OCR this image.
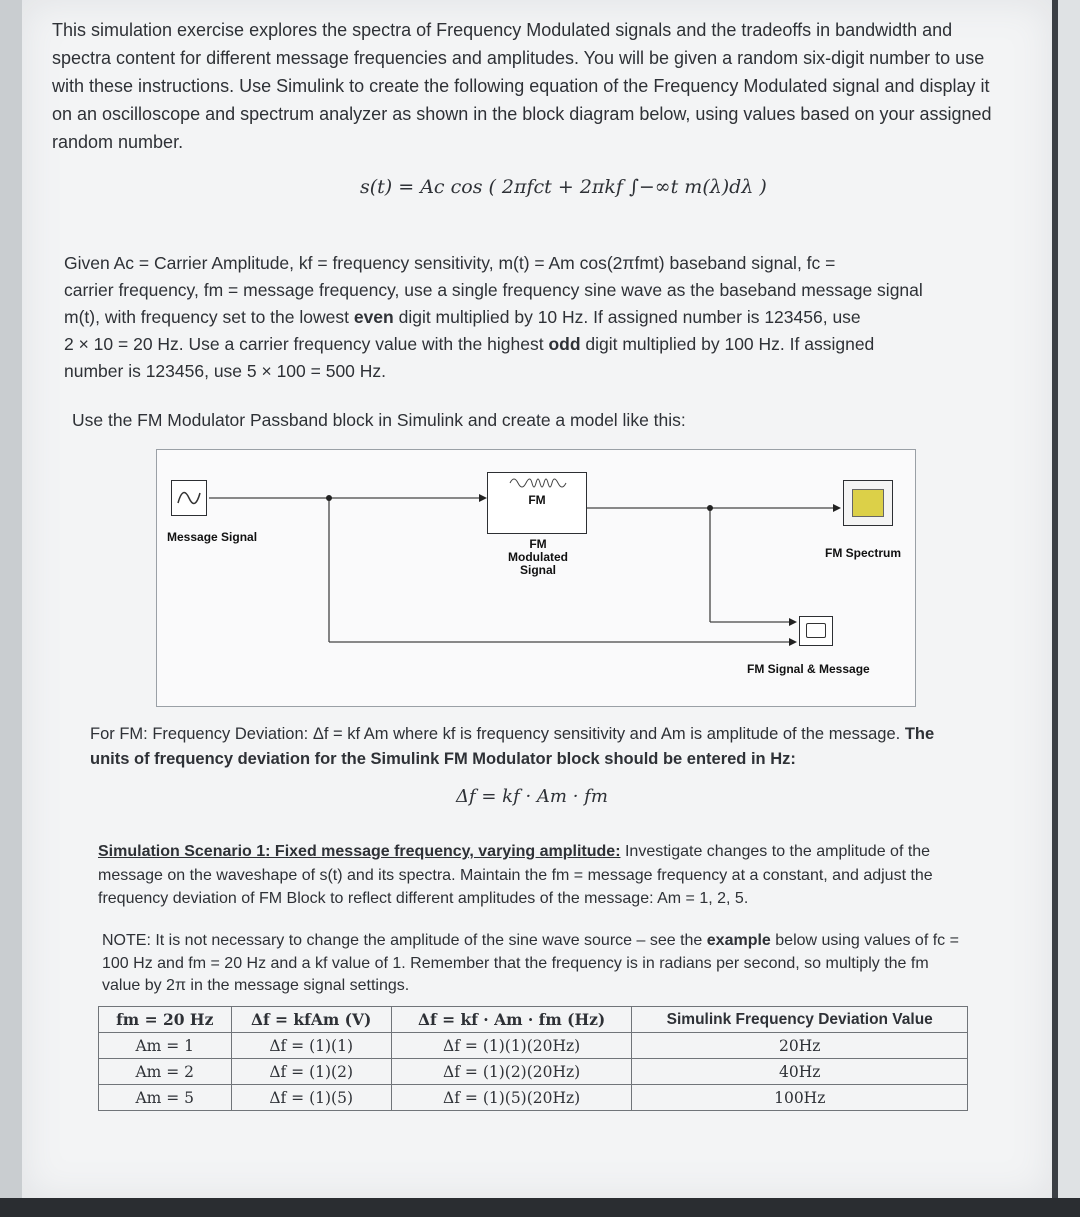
This simulation exercise explores the spectra of Frequency Modulated signals and the tradeoffs in bandwidth and spectra content for different message frequencies and amplitudes. You will be given a random six-digit number to use with these instructions. Use Simulink to create the following equation of the Frequency Modulated signal and display it on an oscilloscope and spectrum analyzer as shown in the block diagram below, using values based on your assigned random number.
s(t) = Ac cos ( 2πfct + 2πkf ∫−∞t m(λ)dλ )
Given Ac = Carrier Amplitude, kf = frequency sensitivity, m(t) = Am cos(2πfmt) baseband signal, fc =
carrier frequency, fm = message frequency, use a single frequency sine wave as the baseband message signal
m(t), with frequency set to the lowest even digit multiplied by 10 Hz. If assigned number is 123456, use
2 × 10 = 20 Hz. Use a carrier frequency value with the highest odd digit multiplied by 100 Hz. If assigned
number is 123456, use 5 × 100 = 500 Hz.
Use the FM Modulator Passband block in Simulink and create a model like this:
Message Signal
FM
FM
Modulated
Signal
FM Spectrum
FM Signal & Message
For FM: Frequency Deviation: Δf = kf Am where kf is frequency sensitivity and Am is amplitude of the message. The units of frequency deviation for the Simulink FM Modulator block should be entered in Hz:
Δf = kf · Am · fm
Simulation Scenario 1: Fixed message frequency, varying amplitude: Investigate changes to the amplitude of the message on the waveshape of s(t) and its spectra. Maintain the fm = message frequency at a constant, and adjust the frequency deviation of FM Block to reflect different amplitudes of the message: Am = 1, 2, 5.
NOTE: It is not necessary to change the amplitude of the sine wave source – see the example below using values of fc = 100 Hz and fm = 20 Hz and a kf value of 1. Remember that the frequency is in radians per second, so multiply the fm value by 2π in the message signal settings.
fm = 20 Hz	Δf = kfAm (V)	Δf = kf · Am · fm (Hz)	Simulink Frequency Deviation Value
Am = 1	Δf = (1)(1)	Δf = (1)(1)(20Hz)	20Hz
Am = 2	Δf = (1)(2)	Δf = (1)(2)(20Hz)	40Hz
Am = 5	Δf = (1)(5)	Δf = (1)(5)(20Hz)	100Hz
